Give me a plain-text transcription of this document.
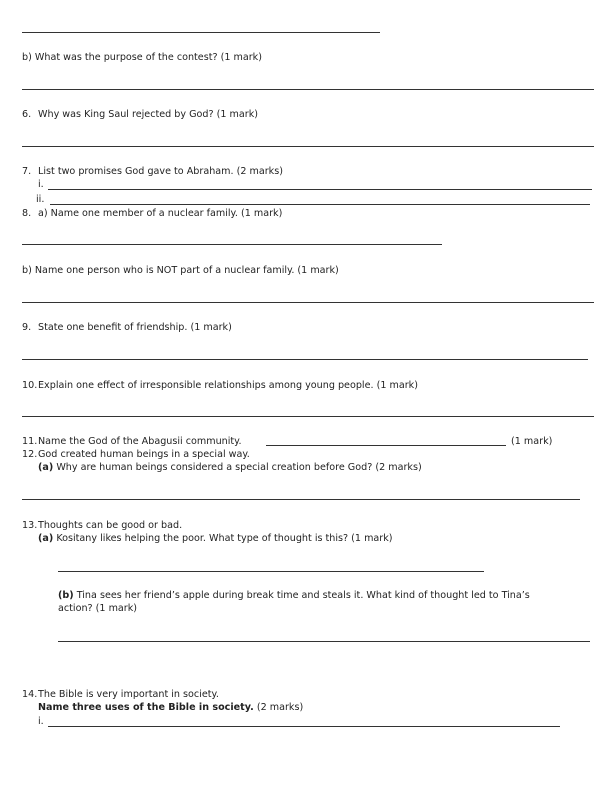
b) What was the purpose of the contest? (1 mark)
6. Why was King Saul rejected by God? (1 mark)
7. List two promises God gave to Abraham. (2 marks)
i.
ii.
8. a) Name one member of a nuclear family. (1 mark)
b) Name one person who is NOT part of a nuclear family. (1 mark)
9. State one benefit of friendship. (1 mark)
10.Explain one effect of irresponsible relationships among young people. (1 mark)
11.Name the God of the Abagusii community.	(1 mark)
12.God created human beings in a special way.
(a) Why are human beings considered a special creation before God? (2 marks)
13.Thoughts can be good or bad.
(a) Kositany likes helping the poor. What type of thought is this? (1 mark)
(b) Tina sees her friend’s apple during break time and steals it. What kind of thought led to Tina’s
action? (1 mark)
14.The Bible is very important in society.
Name three uses of the Bible in society. (2 marks)
i.
